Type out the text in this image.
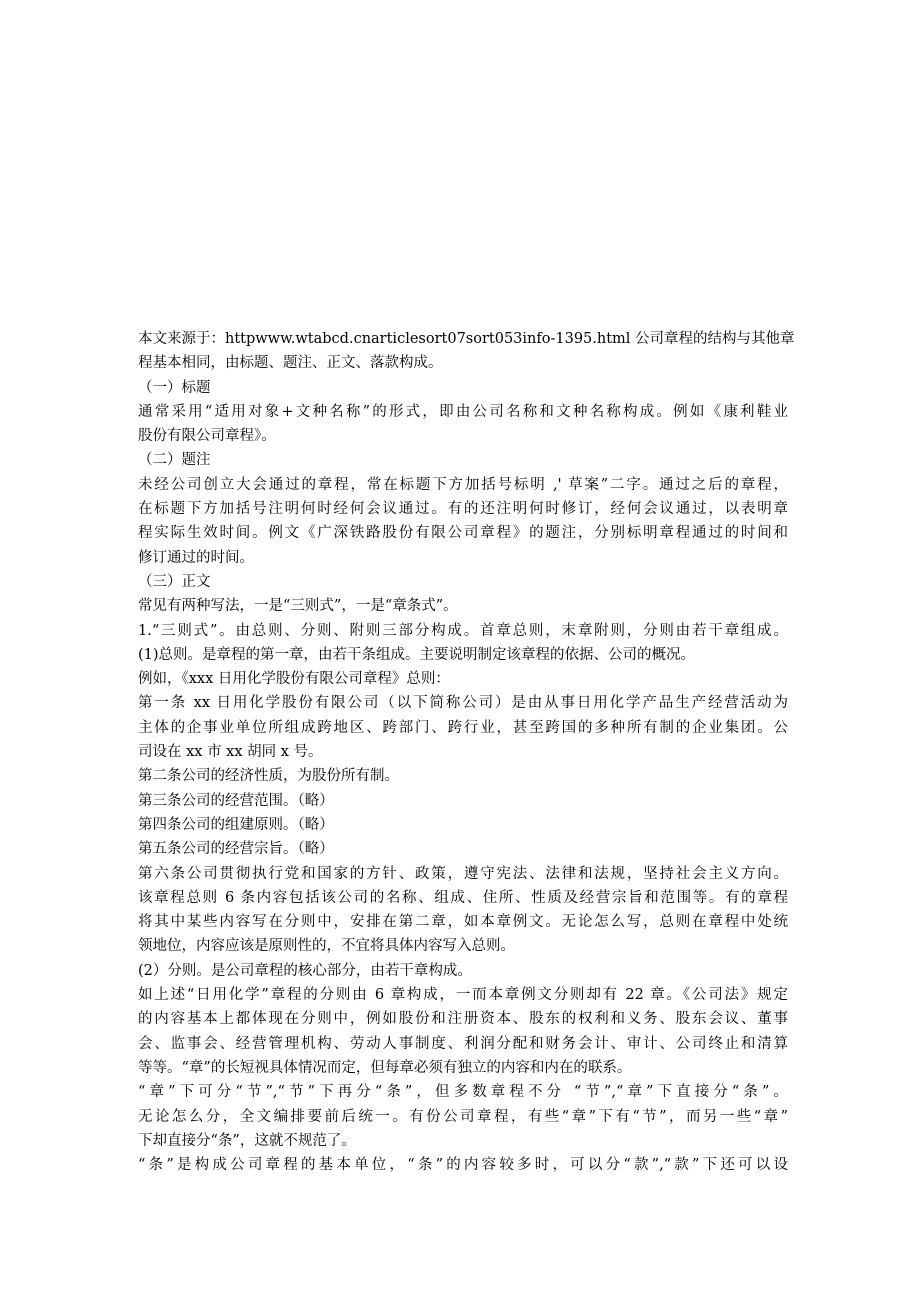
本文来源于：httpwww.wtabcd.cnarticlesort07sort053info-1395.html 公司章程的结构与其他章
程基本相同，由标题、题注、正文、落款构成。
（一）标题
通常采用“适用对象+文种名称”的形式，即由公司名称和文种名称构成。例如《康利鞋业
股份有限公司章程》。
（二）题注
未经公司创立大会通过的章程，常在标题下方加括号标明 ,' 草案”二字。通过之后的章程，
在标题下方加括号注明何时经何会议通过。有的还注明何时修订，经何会议通过，以表明章
程实际生效时间。例文《广深铁路股份有限公司章程》的题注，分别标明章程通过的时间和
修订通过的时间。
（三）正文
常见有两种写法，一是“三则式”，一是“章条式”。
1.“三则式”。由总则、分则、附则三部分构成。首章总则，末章附则，分则由若干章组成。
(1)总则。是章程的第一章，由若干条组成。主要说明制定该章程的依据、公司的概况。
例如，《xxx 日用化学股份有限公司章程》总则：
第一条 xx 日用化学股份有限公司（以下简称公司）是由从事日用化学产品生产经营活动为
主体的企事业单位所组成跨地区、跨部门、跨行业，甚至跨国的多种所有制的企业集团。公
司设在 xx 市 xx 胡同 x 号。
第二条公司的经济性质，为股份所有制。
第三条公司的经营范围。（略）
第四条公司的组建原则。（略）
第五条公司的经营宗旨。（略）
第六条公司贯彻执行党和国家的方针、政策，遵守宪法、法律和法规，坚持社会主义方向。
该章程总则 6 条内容包括该公司的名称、组成、住所、性质及经营宗旨和范围等。有的章程
将其中某些内容写在分则中，安排在第二章，如本章例文。无论怎么写，总则在章程中处统
领地位，内容应该是原则性的，不宜将具体内容写入总则。
(2）分则。是公司章程的核心部分，由若干章构成。
如上述“日用化学”章程的分则由 6 章构成，一而本章例文分则却有 22 章。《公司法》规定
的内容基本上都体现在分则中，例如股份和注册资本、股东的权利和义务、股东会议、董事
会、监事会、经营管理机构、劳动人事制度、利润分配和财务会计、审计、公司终止和清算
等等。“章”的长短视具体情况而定，但每章必须有独立的内容和内在的联系。
“章”下可分“节”,“节”下再分“条”，但多数章程不分 “节”,“章”下直接分“条”。
无论怎么分，全文编排要前后统一。有份公司章程，有些“章”下有“节”，而另一些“章”
下却直接分“条”，这就不规范了。
“条”是构成公司章程的基本单位，“条”的内容较多时，可以分“款”,“款”下还可以设
